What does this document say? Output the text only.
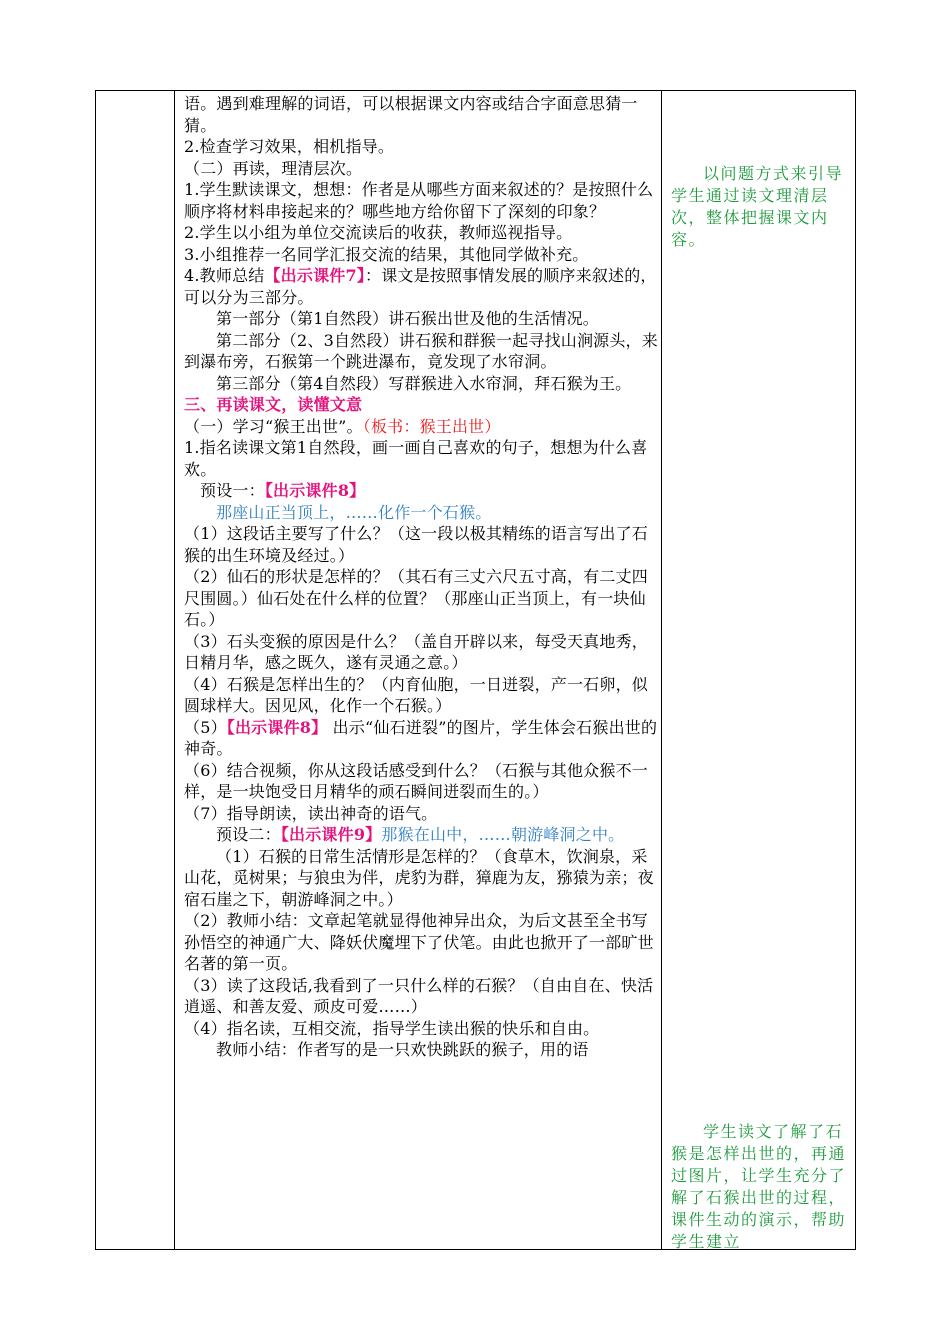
语。遇到难理解的词语，可以根据课文内容或结合字面意思猜一猜。

2.检查学习效果，相机指导。

（二）再读，理清层次。

1.学生默读课文，想想：作者是从哪些方面来叙述的？是按照什么顺序将材料串接起来的？哪些地方给你留下了深刻的印象？

2.学生以小组为单位交流读后的收获，教师巡视指导。

3.小组推荐一名同学汇报交流的结果，其他同学做补充。

4.教师总结【出示课件7】：课文是按照事情发展的顺序来叙述的，可以分为三部分。

第一部分（第1自然段）讲石猴出世及他的生活情况。

第二部分（2、3自然段）讲石猴和群猴一起寻找山涧源头，来到瀑布旁，石猴第一个跳进瀑布，竟发现了水帘洞。

第三部分（第4自然段）写群猴进入水帘洞，拜石猴为王。

三、再读课文，读懂文意

（一）学习“猴王出世”。（板书：猴王出世）

1.指名读课文第1自然段，画一画自己喜欢的句子，想想为什么喜欢。

预设一：【出示课件8】

那座山正当顶上，……化作一个石猴。

（1）这段话主要写了什么？（这一段以极其精练的语言写出了石猴的出生环境及经过。）

（2）仙石的形状是怎样的？（其石有三丈六尺五寸高，有二丈四尺围圆。）仙石处在什么样的位置？（那座山正当顶上，有一块仙石。）

（3）石头变猴的原因是什么？（盖自开辟以来，每受天真地秀，日精月华，感之既久，遂有灵通之意。）

（4）石猴是怎样出生的？（内育仙胞，一日迸裂，产一石卵，似圆球样大。因见风，化作一个石猴。）

（5）【出示课件8】 出示“仙石迸裂”的图片，学生体会石猴出世的神奇。

（6）结合视频，你从这段话感受到什么？（石猴与其他众猴不一样，是一块饱受日月精华的顽石瞬间迸裂而生的。）

（7）指导朗读，读出神奇的语气。

预设二：【出示课件9】那猴在山中，……朝游峰洞之中。

（1）石猴的日常生活情形是怎样的？（食草木，饮涧泉，采山花，觅树果；与狼虫为伴，虎豹为群，獐鹿为友，猕猿为亲；夜宿石崖之下，朝游峰洞之中。）

（2）教师小结：文章起笔就显得他神异出众，为后文甚至全书写孙悟空的神通广大、降妖伏魔埋下了伏笔。由此也掀开了一部旷世名著的第一页。

（3）读了这段话,我看到了一只什么样的石猴？（自由自在、快活逍遥、和善友爱、顽皮可爱……）

（4）指名读，互相交流，指导学生读出猴的快乐和自由。

教师小结：作者写的是一只欢快跳跃的猴子，用的语

以问题方式来引导学生通过读文理清层次，整体把握课文内容。

学生读文了解了石猴是怎样出世的，再通过图片，让学生充分了解了石猴出世的过程，课件生动的演示，帮助学生建立
